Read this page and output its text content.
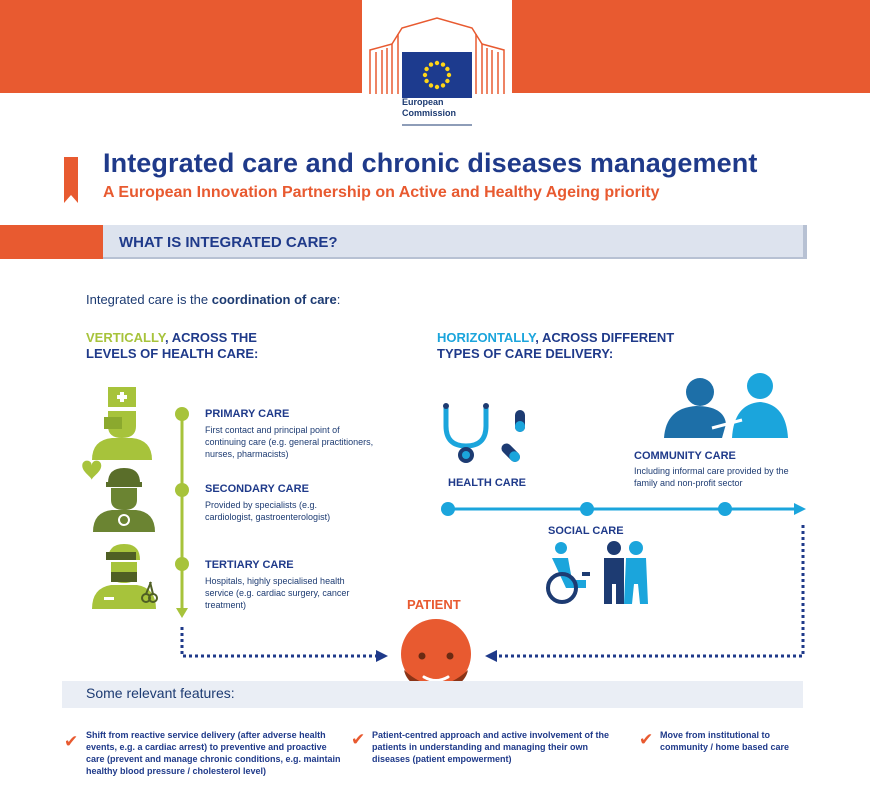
European
Commission
Integrated care and chronic diseases management
A European Innovation Partnership on Active and Healthy Ageing priority
WHAT IS INTEGRATED CARE?
Integrated care is the coordination of care:
VERTICALLY, ACROSS THE
LEVELS OF HEALTH CARE:
HORIZONTALLY, ACROSS DIFFERENT
TYPES OF CARE DELIVERY:
PRIMARY CARE
First contact and principal point of continuing care (e.g. general practitioners, nurses, pharmacists)
SECONDARY CARE
Provided by specialists (e.g. cardiologist, gastroenterologist)
TERTIARY CARE
Hospitals, highly specialised health service (e.g. cardiac surgery, cancer treatment)
HEALTH CARE
COMMUNITY CARE
Including informal care provided by the family and non-profit sector
SOCIAL CARE
PATIENT
Some relevant features:
✔ Shift from reactive service delivery (after adverse health events, e.g. a cardiac arrest) to preventive and proactive care (prevent and manage chronic conditions, e.g. maintain healthy blood pressure / cholesterol level)
✔ Patient-centred approach and active involvement of the patients in understanding and managing their own diseases (patient empowerment)
✔ Move from institutional to community / home based care
